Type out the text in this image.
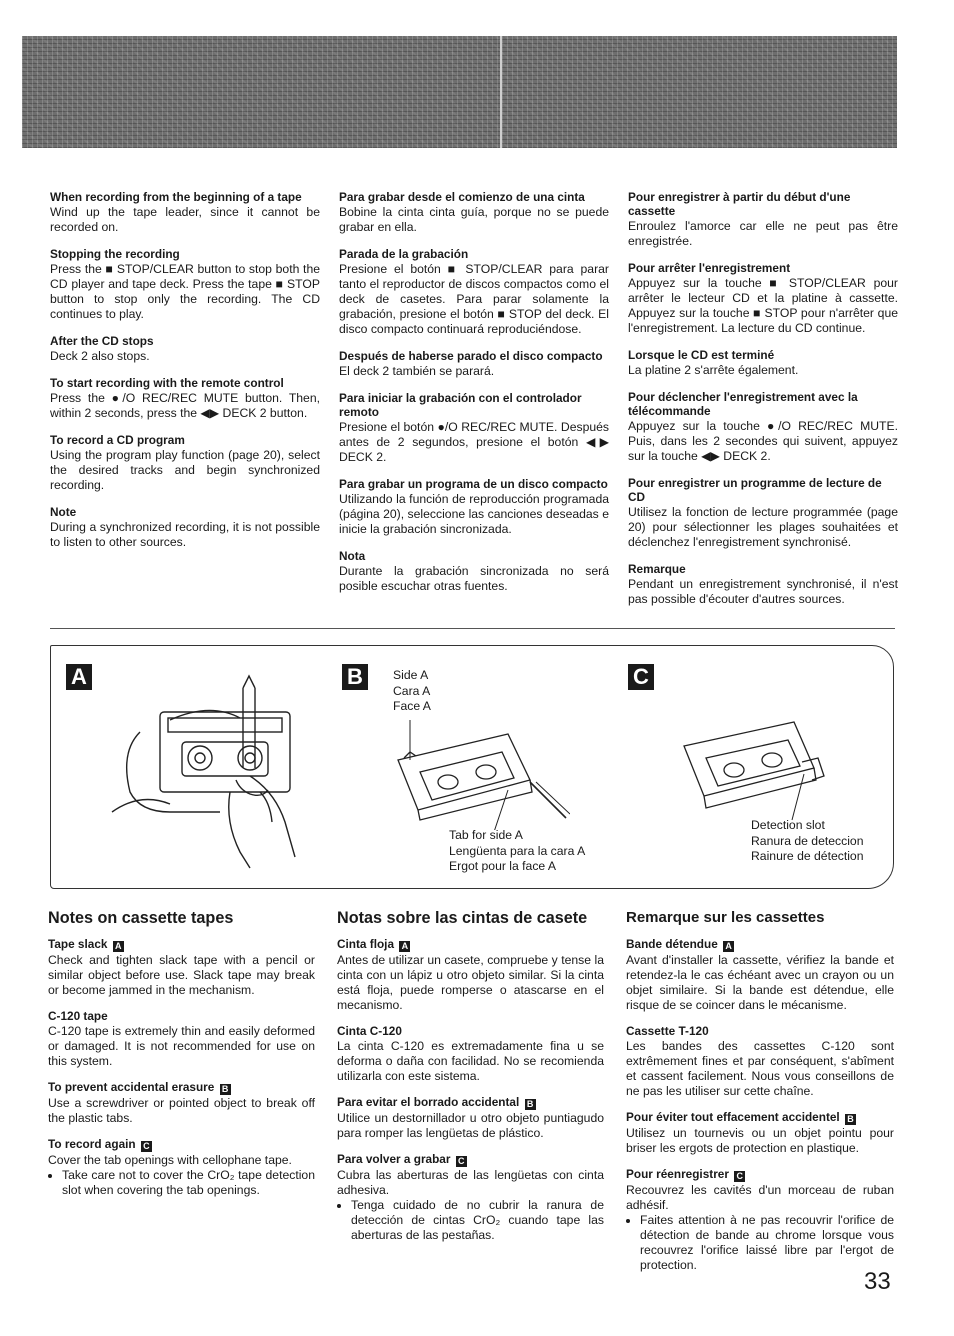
When recording from the beginning of a tape

Wind up the tape leader, since it cannot be recorded on.

Stopping the recording

Press the ■ STOP/CLEAR button to stop both the CD player and tape deck. Press the tape ■ STOP button to stop only the recording. The CD continues to play.

After the CD stops

Deck 2 also stops.

To start recording with the remote control

Press the ●/O REC/REC MUTE button. Then, within 2 seconds, press the ◀▶ DECK 2 button.

To record a CD program

Using the program play function (page 20), select the desired tracks and begin synchronized recording.

Note

During a synchronized recording, it is not possible to listen to other sources.

Para grabar desde el comienzo de una cinta

Bobine la cinta cinta guía, porque no se puede grabar en ella.

Parada de la grabación

Presione el botón ■ STOP/CLEAR para parar tanto el reproductor de discos compactos como el deck de casetes. Para parar solamente la grabación, presione el botón ■ STOP del deck. El disco compacto continuará reproduciéndose.

Después de haberse parado el disco compacto

El deck 2 también se parará.

Para iniciar la grabación con el controlador remoto

Presione el botón ●/O REC/REC MUTE. Después antes de 2 segundos, presione el botón ◀▶ DECK 2.

Para grabar un programa de un disco compacto

Utilizando la función de reproducción programada (página 20), seleccione las canciones deseadas e inicie la grabación sincronizada.

Nota

Durante la grabación sincronizada no será posible escuchar otras fuentes.

Pour enregistrer à partir du début d'une cassette

Enroulez l'amorce car elle ne peut pas être enregistrée.

Pour arrêter l'enregistrement

Appuyez sur la touche ■ STOP/CLEAR pour arrêter le lecteur CD et la platine à cassette. Appuyez sur la touche ■ STOP pour n'arrêter que l'enregistrement. La lecture du CD continue.

Lorsque le CD est terminé

La platine 2 s'arrête également.

Pour déclencher l'enregistrement avec la télécommande

Appuyez sur la touche ●/O REC/REC MUTE. Puis, dans les 2 secondes qui suivent, appuyez sur la touche ◀▶ DECK 2.

Pour enregistrer un programme de lecture de CD

Utilisez la fonction de lecture programmée (page 20) pour sélectionner les plages souhaitées et déclenchez l'enregistrement synchronisé.

Remarque

Pendant un enregistrement synchronisé, il n'est pas possible d'écouter d'autres sources.

A	B	C
Side A
Cara A
Face A
Tab for side A
Lengüenta para la cara A
Ergot pour la face A
Detection slot
Ranura de deteccion
Rainure de détection
Notes on cassette tapes	Notas sobre las cintas de casete	Remarque sur les cassettes
Tape slack A

Check and tighten slack tape with a pencil or similar object before use. Slack tape may break or become jammed in the mechanism.

C-120 tape

C-120 tape is extremely thin and easily deformed or damaged. It is not recommended for use on this system.

To prevent accidental erasure B

Use a screwdriver or pointed object to break off the plastic tabs.

To record again C

Cover the tab openings with cellophane tape.

• Take care not to cover the CrO₂ tape detection slot when covering the tab openings.
Cinta floja A

Antes de utilizar un casete, compruebe y tense la cinta con un lápiz u otro objeto similar. Si la cinta está floja, puede romperse o atascarse en el mecanismo.

Cinta C-120

La cinta C-120 es extremadamente fina u se deforma o daña con facilidad. No se recomienda utilizarla con este sistema.

Para evitar el borrado accidental B

Utilice un destornillador u otro objeto puntiagudo para romper las lengüetas de plástico.

Para volver a grabar C

Cubra las aberturas de las lengüetas con cinta adhesiva.

• Tenga cuidado de no cubrir la ranura de detección de cintas CrO₂ cuando tape las aberturas de las pestañas.
Bande détendue A

Avant d'installer la cassette, vérifiez la bande et retendez-la le cas échéant avec un crayon ou un objet similaire. Si la bande est détendue, elle risque de se coincer dans le mécanisme.

Cassette T-120

Les bandes des cassettes C-120 sont extrêmement fines et par conséquent, s'abîment et cassent facilement. Nous vous conseillons de ne pas les utiliser sur cette chaîne.

Pour éviter tout effacement accidentel B

Utilisez un tournevis ou un objet pointu pour briser les ergots de protection en plastique.

Pour réenregistrer C

Recouvrez les cavités d'un morceau de ruban adhésif.

• Faites attention à ne pas recouvrir l'orifice de détection de bande au chrome lorsque vous recouvrez l'orifice laissé libre par l'ergot de protection.
33
